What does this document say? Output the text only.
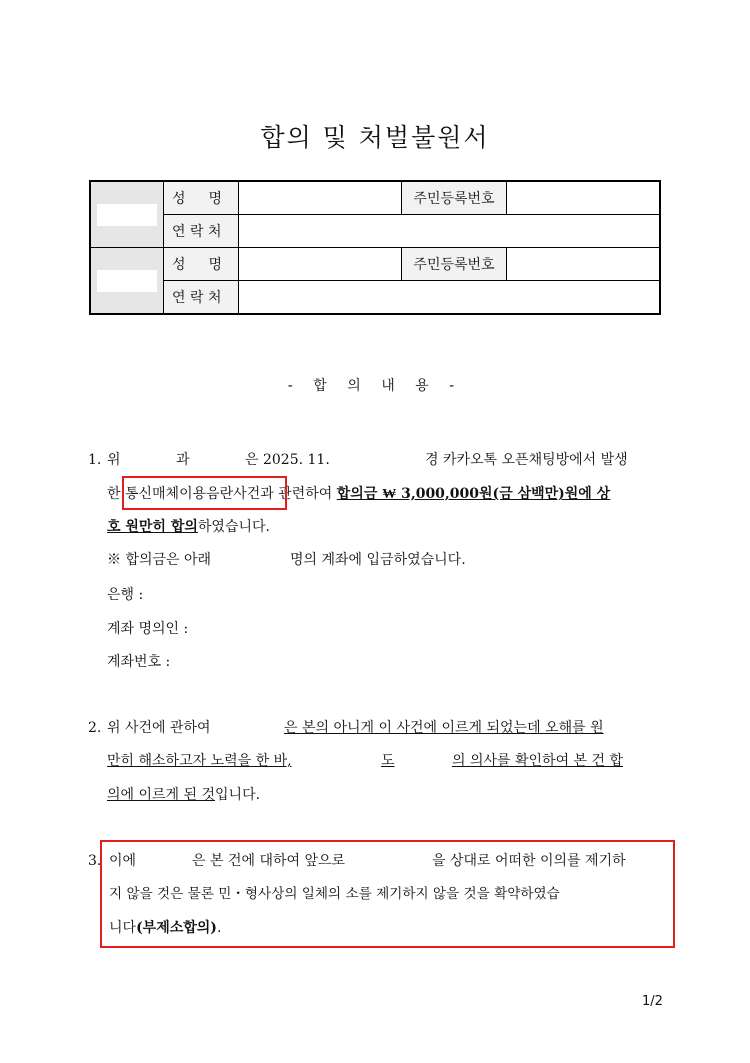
합의 및 처벌불원서
	성 명		주민등록번호	
	연 락 처			

	성 명		주민등록번호	
	연 락 처			
- 합 의 내 용 -
1. 위	과	은 2025. 11.	경 카카오톡 오픈채팅방에서 발생
한 통신매체이용음란사건과 관련하여 합의금 ₩ 3,000,000원(금 삼백만)원에 상
호 원만히 합의하였습니다.
※ 합의금은 아래	명의 계좌에 입금하였습니다.
은행 :
계좌 명의인 :
계좌번호 :
2. 위 사건에 관하여	은 본의 아니게 이 사건에 이르게 되었는데 오해를 원
만히 해소하고자 노력을 한 바,	도	의 의사를 확인하여 본 건 합
의에 이르게 된 것입니다.
3. 이에	은 본 건에 대하여 앞으로	을 상대로 어떠한 이의를 제기하
지 않을 것은 물론 민・형사상의 일체의 소를 제기하지 않을 것을 확약하였습
니다(부제소합의).
1/2
